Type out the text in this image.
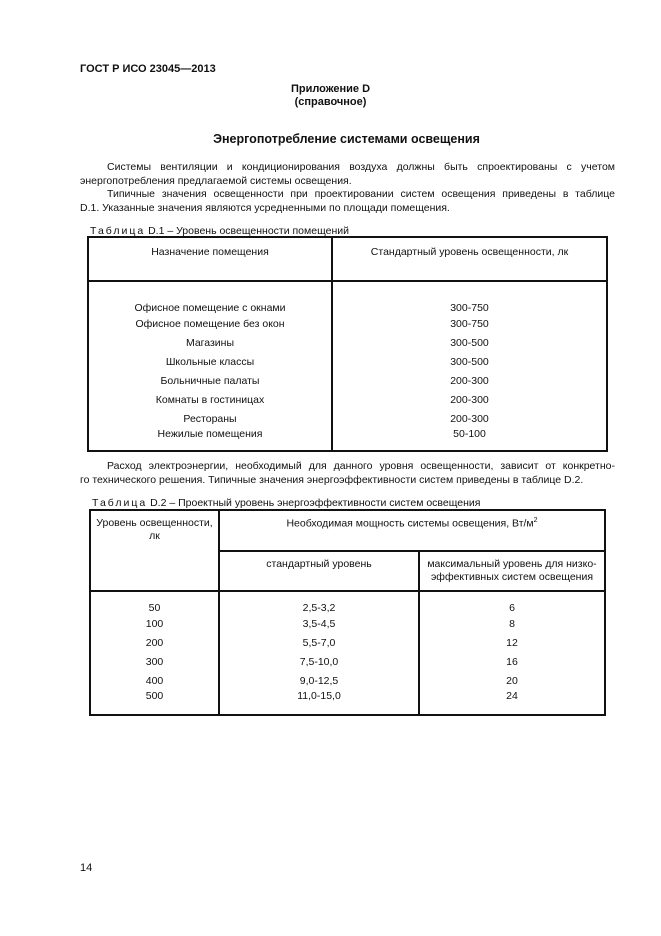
ГОСТ Р ИСО 23045—2013
Приложение D
(справочное)
Энергопотребление системами освещения
Системы вентиляции и кондиционирования воздуха должны быть спроектированы с учетом
энергопотребления предлагаемой системы освещения.
Типичные значения освещенности при проектировании систем освещения приведены в таблице
D.1. Указанные значения являются усредненными по площади помещения.
Таблица D.1 – Уровень освещенности помещений
Назначение помещения	Стандартный уровень освещенности, лк
Офисное помещение с окнами	300-750
Офисное помещение без окон	300-750
Магазины	300-500
Школьные классы	300-500
Больничные палаты	200-300
Комнаты в гостиницах	200-300
Рестораны	200-300
Нежилые помещения	50-100
Расход электроэнергии, необходимый для данного уровня освещенности, зависит от конкретно-
го технического решения. Типичные значения энергоэффективности систем приведены в таблице D.2.
Таблица D.2 – Проектный уровень энергоэффективности систем освещения
Уровень освещенности,
лк	Необходимая мощность системы освещения, $Вт/м^2$
	стандартный уровень	максимальный уровень для низко-
эффективных систем освещения
50	2,5-3,2	6
100	3,5-4,5	8
200	5,5-7,0	12
300	7,5-10,0	16
400	9,0-12,5	20
500	11,0-15,0	24
14
